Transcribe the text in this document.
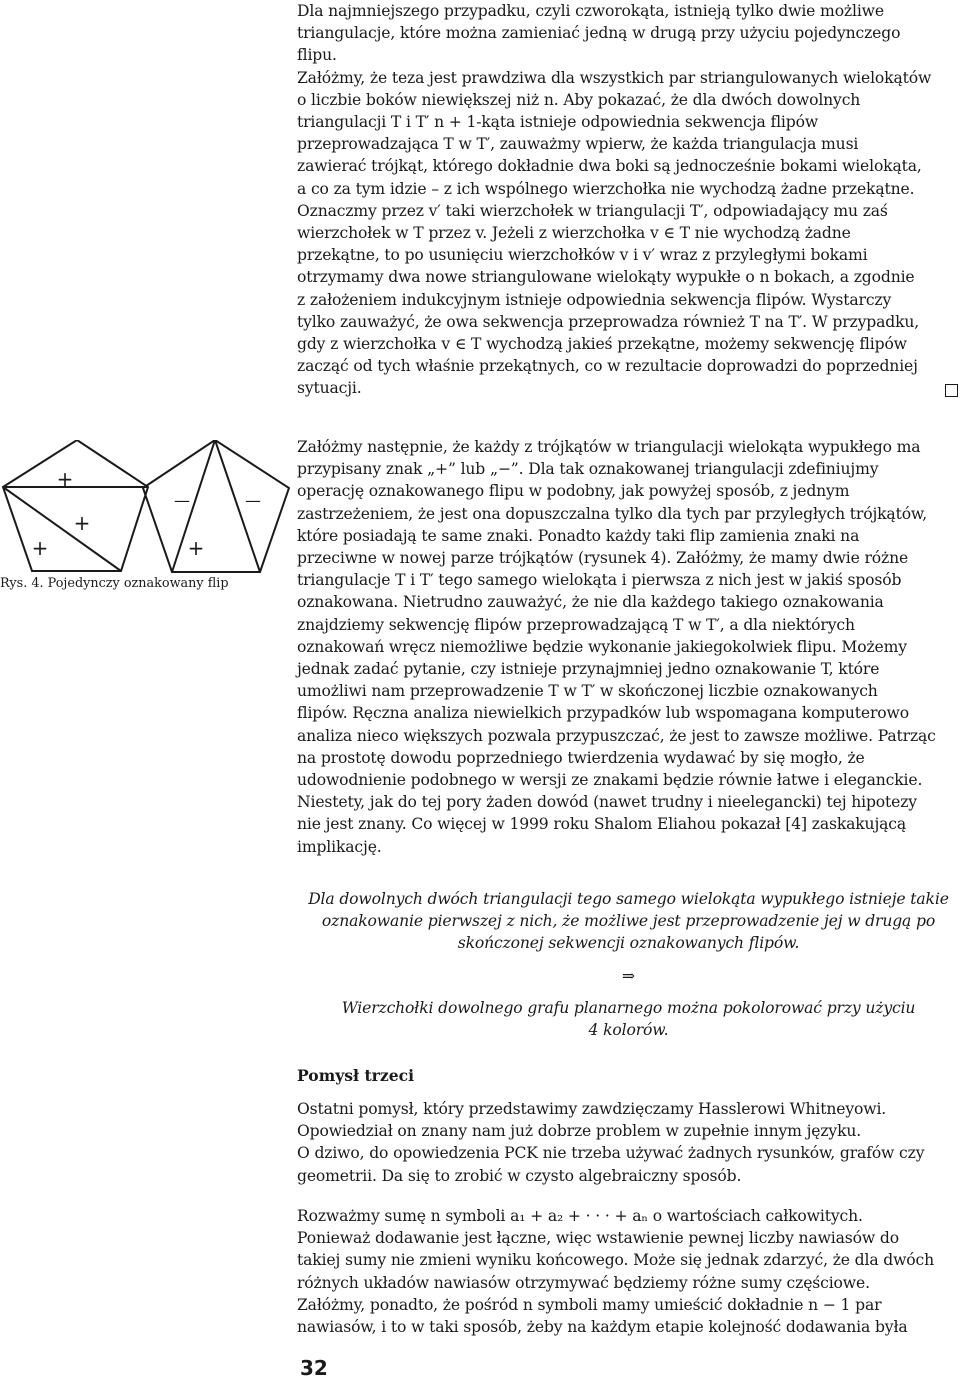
Dla najmniejszego przypadku, czyli czworokąta, istnieją tylko dwie możliwe
triangulacje, które można zamieniać jedną w drugą przy użyciu pojedynczego
flipu.
Załóżmy, że teza jest prawdziwa dla wszystkich par striangulowanych wielokątów
o liczbie boków niewiększej niż n. Aby pokazać, że dla dwóch dowolnych
triangulacji T i T′ n + 1-kąta istnieje odpowiednia sekwencja flipów
przeprowadzająca T w T′, zauważmy wpierw, że każda triangulacja musi
zawierać trójkąt, którego dokładnie dwa boki są jednocześnie bokami wielokąta,
a co za tym idzie – z ich wspólnego wierzchołka nie wychodzą żadne przekątne.
Oznaczmy przez v′ taki wierzchołek w triangulacji T′, odpowiadający mu zaś
wierzchołek w T przez v. Jeżeli z wierzchołka v ∈ T nie wychodzą żadne
przekątne, to po usunięciu wierzchołków v i v′ wraz z przyległymi bokami
otrzymamy dwa nowe striangulowane wielokąty wypukłe o n bokach, a zgodnie
z założeniem indukcyjnym istnieje odpowiednia sekwencja flipów. Wystarczy
tylko zauważyć, że owa sekwencja przeprowadza również T na T′. W przypadku,
gdy z wierzchołka v ∈ T wychodzą jakieś przekątne, możemy sekwencję flipów
zacząć od tych właśnie przekątnych, co w rezultacie doprowadzi do poprzedniej
sytuacji.
+
+
+
—	—
+
Rys. 4. Pojedynczy oznakowany flip
Załóżmy następnie, że każdy z trójkątów w triangulacji wielokąta wypukłego ma
przypisany znak „+” lub „−”. Dla tak oznakowanej triangulacji zdefiniujmy
operację oznakowanego flipu w podobny, jak powyżej sposób, z jednym
zastrzeżeniem, że jest ona dopuszczalna tylko dla tych par przyległych trójkątów,
które posiadają te same znaki. Ponadto każdy taki flip zamienia znaki na
przeciwne w nowej parze trójkątów (rysunek 4). Załóżmy, że mamy dwie różne
triangulacje T i T′ tego samego wielokąta i pierwsza z nich jest w jakiś sposób
oznakowana. Nietrudno zauważyć, że nie dla każdego takiego oznakowania
znajdziemy sekwencję flipów przeprowadzającą T w T′, a dla niektórych
oznakowań wręcz niemożliwe będzie wykonanie jakiegokolwiek flipu. Możemy
jednak zadać pytanie, czy istnieje przynajmniej jedno oznakowanie T, które
umożliwi nam przeprowadzenie T w T′ w skończonej liczbie oznakowanych
flipów. Ręczna analiza niewielkich przypadków lub wspomagana komputerowo
analiza nieco większych pozwala przypuszczać, że jest to zawsze możliwe. Patrząc
na prostotę dowodu poprzedniego twierdzenia wydawać by się mogło, że
udowodnienie podobnego w wersji ze znakami będzie równie łatwe i eleganckie.
Niestety, jak do tej pory żaden dowód (nawet trudny i nieelegancki) tej hipotezy
nie jest znany. Co więcej w 1999 roku Shalom Eliahou pokazał [4] zaskakującą
implikację.
Dla dowolnych dwóch triangulacji tego samego wielokąta wypukłego istnieje takie
oznakowanie pierwszej z nich, że możliwe jest przeprowadzenie jej w drugą po
skończonej sekwencji oznakowanych flipów.
⇒
Wierzchołki dowolnego grafu planarnego można pokolorować przy użyciu
4 kolorów.
Pomysł trzeci
Ostatni pomysł, który przedstawimy zawdzięczamy Hasslerowi Whitneyowi.
Opowiedział on znany nam już dobrze problem w zupełnie innym języku.
O dziwo, do opowiedzenia PCK nie trzeba używać żadnych rysunków, grafów czy
geometrii. Da się to zrobić w czysto algebraiczny sposób.
Rozważmy sumę n symboli a₁ + a₂ + · · · + aₙ o wartościach całkowitych.
Ponieważ dodawanie jest łączne, więc wstawienie pewnej liczby nawiasów do
takiej sumy nie zmieni wyniku końcowego. Może się jednak zdarzyć, że dla dwóch
różnych układów nawiasów otrzymywać będziemy różne sumy częściowe.
Załóżmy, ponadto, że pośród n symboli mamy umieścić dokładnie n − 1 par
nawiasów, i to w taki sposób, żeby na każdym etapie kolejność dodawania była
32
